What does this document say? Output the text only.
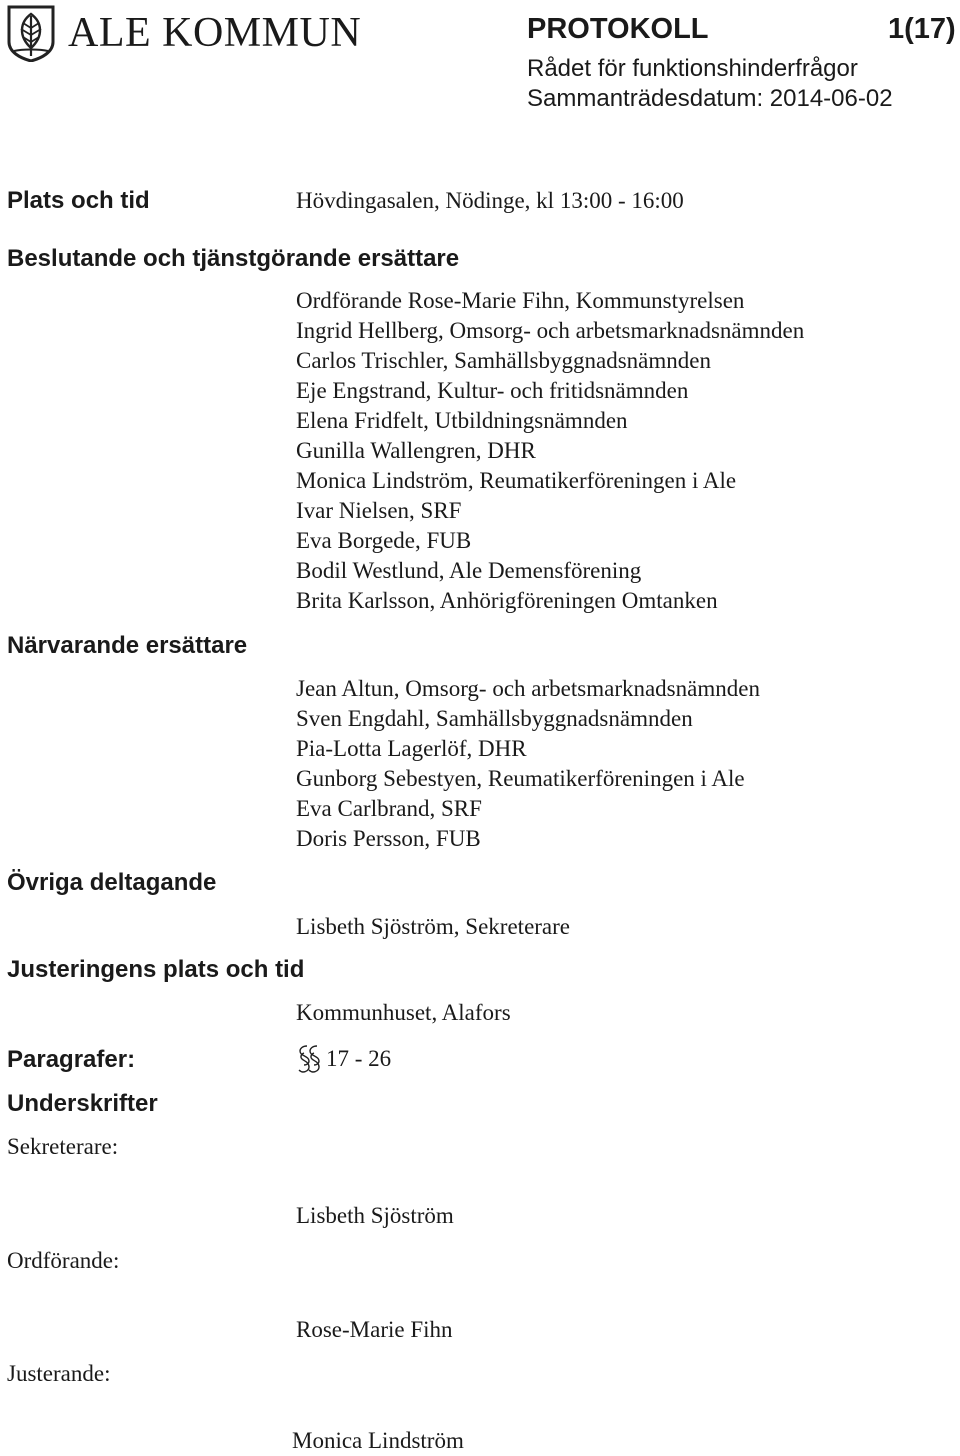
ALE KOMMUN	PROTOKOLL	1(17)
Rådet för funktionshinderfrågor
Sammanträdesdatum: 2014-06-02
Plats och tid	Hövdingasalen, Nödinge, kl 13:00 - 16:00
Beslutande och tjänstgörande ersättare
Ordförande Rose-Marie Fihn, Kommunstyrelsen
Ingrid Hellberg, Omsorg- och arbetsmarknadsnämnden
Carlos Trischler, Samhällsbyggnadsnämnden
Eje Engstrand, Kultur- och fritidsnämnden
Elena Fridfelt, Utbildningsnämnden
Gunilla Wallengren, DHR
Monica Lindström, Reumatikerföreningen i Ale
Ivar Nielsen, SRF
Eva Borgede, FUB
Bodil Westlund, Ale Demensförening
Brita Karlsson, Anhörigföreningen Omtanken
Närvarande ersättare
Jean Altun, Omsorg- och arbetsmarknadsnämnden
Sven Engdahl, Samhällsbyggnadsnämnden
Pia-Lotta Lagerlöf, DHR
Gunborg Sebestyen, Reumatikerföreningen i Ale
Eva Carlbrand, SRF
Doris Persson, FUB
Övriga deltagande
Lisbeth Sjöström, Sekreterare
Justeringens plats och tid
Kommunhuset, Alafors
Paragrafer:	17 - 26
Underskrifter
Sekreterare:
Lisbeth Sjöström
Ordförande:
Rose-Marie Fihn
Justerande:
Monica Lindström
